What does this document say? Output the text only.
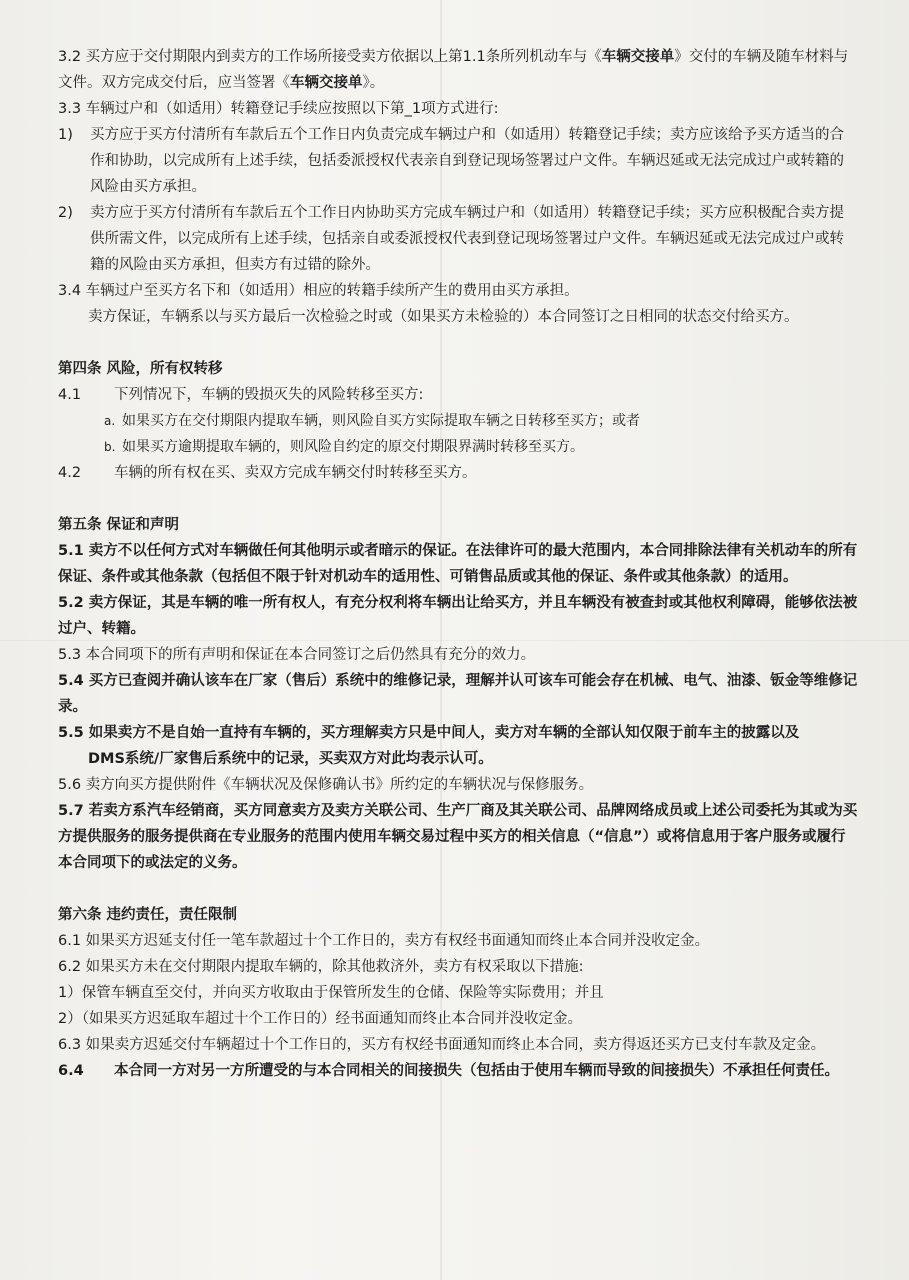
3.2 买方应于交付期限内到卖方的工作场所接受卖方依据以上第1.1条所列机动车与《车辆交接单》交付的车辆及随车材料与文件。双方完成交付后，应当签署《车辆交接单》。

3.3 车辆过户和（如适用）转籍登记手续应按照以下第_1项方式进行:

1) 买方应于买方付清所有车款后五个工作日内负责完成车辆过户和（如适用）转籍登记手续；卖方应该给予买方适当的合作和协助，以完成所有上述手续，包括委派授权代表亲自到登记现场签署过户文件。车辆迟延或无法完成过户或转籍的风险由买方承担。

2) 卖方应于买方付清所有车款后五个工作日内协助买方完成车辆过户和（如适用）转籍登记手续；买方应积极配合卖方提供所需文件，以完成所有上述手续，包括亲自或委派授权代表到登记现场签署过户文件。车辆迟延或无法完成过户或转籍的风险由买方承担，但卖方有过错的除外。

3.4 车辆过户至买方名下和（如适用）相应的转籍手续所产生的费用由买方承担。

卖方保证，车辆系以与买方最后一次检验之时或（如果买方未检验的）本合同签订之日相同的状态交付给买方。

第四条 风险，所有权转移

4.1 下列情况下，车辆的毁损灭失的风险转移至买方:

a. 如果买方在交付期限内提取车辆，则风险自买方实际提取车辆之日转移至买方；或者

b. 如果买方逾期提取车辆的，则风险自约定的原交付期限界满时转移至买方。

4.2 车辆的所有权在买、卖双方完成车辆交付时转移至买方。

第五条 保证和声明

5.1 卖方不以任何方式对车辆做任何其他明示或者暗示的保证。在法律许可的最大范围内，本合同排除法律有关机动车的所有保证、条件或其他条款（包括但不限于针对机动车的适用性、可销售品质或其他的保证、条件或其他条款）的适用。

5.2 卖方保证，其是车辆的唯一所有权人，有充分权利将车辆出让给买方，并且车辆没有被查封或其他权利障碍，能够依法被过户、转籍。

5.3 本合同项下的所有声明和保证在本合同签订之后仍然具有充分的效力。

5.4 买方已查阅并确认该车在厂家（售后）系统中的维修记录，理解并认可该车可能会存在机械、电气、油漆、钣金等维修记录。

5.5 如果卖方不是自始一直持有车辆的，买方理解卖方只是中间人，卖方对车辆的全部认知仅限于前车主的披露以及

DMS系统/厂家售后系统中的记录，买卖双方对此均表示认可。

5.6 卖方向买方提供附件《车辆状况及保修确认书》所约定的车辆状况与保修服务。

5.7 若卖方系汽车经销商，买方同意卖方及卖方关联公司、生产厂商及其关联公司、品牌网络成员或上述公司委托为其或为买方提供服务的服务提供商在专业服务的范围内使用车辆交易过程中买方的相关信息（“信息”）或将信息用于客户服务或履行本合同项下的或法定的义务。

第六条 违约责任，责任限制

6.1 如果买方迟延支付任一笔车款超过十个工作日的，卖方有权经书面通知而终止本合同并没收定金。

6.2 如果买方未在交付期限内提取车辆的，除其他救济外，卖方有权采取以下措施:

1）保管车辆直至交付，并向买方收取由于保管所发生的仓储、保险等实际费用；并且

2）（如果买方迟延取车超过十个工作日的）经书面通知而终止本合同并没收定金。

6.3 如果卖方迟延交付车辆超过十个工作日的，买方有权经书面通知而终止本合同，卖方得返还买方已支付车款及定金。

6.4 本合同一方对另一方所遭受的与本合同相关的间接损失（包括由于使用车辆而导致的间接损失）不承担任何责任。
